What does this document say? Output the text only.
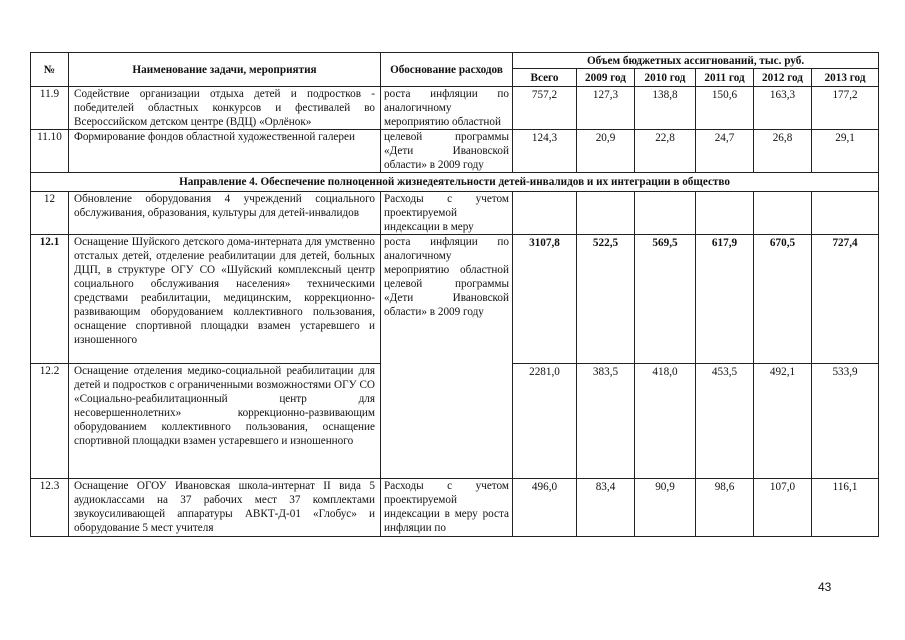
№	Наименование задачи, мероприятия	Обоснование расходов	Объем бюджетных ассигнований, тыс. руб.					
			Всего	2009 год	2010 год	2011 год	2012 год	2013 год
11.9	Содействие организации отдыха детей и подростков - победителей областных конкурсов и фестивалей во Всероссийском детском центре (ВДЦ) «Орлёнок»	роста инфляции по аналогичному мероприятию областной	757,2	127,3	138,8	150,6	163,3	177,2
11.10	Формирование фондов областной художественной галереи	целевой программы «Дети Ивановской области» в 2009 году	124,3	20,9	22,8	24,7	26,8	29,1
Направление 4. Обеспечение полноценной жизнедеятельности детей-инвалидов и их интеграции в общество								
12	Обновление оборудования 4 учреждений социального обслуживания, образования, культуры для детей-инвалидов	Расходы с учетом проектируемой индексации в меру						
12.1	Оснащение Шуйского детского дома-интерната для умственно отсталых детей, отделение реабилитации для детей, больных ДЦП, в структуре ОГУ СО «Шуйский комплексный центр социального обслуживания населения» техническими средствами реабилитации, медицинским, коррекционно-развивающим оборудованием коллективного пользования, оснащение спортивной площадки взамен устаревшего и изношенного	роста инфляции по аналогичному мероприятию областной целевой программы «Дети Ивановской области» в 2009 году	3107,8	522,5	569,5	617,9	670,5	727,4
12.2	Оснащение отделения медико-социальной реабилитации для детей и подростков с ограниченными возможностями ОГУ СО «Социально-реабилитационный центр для несовершеннолетних» коррекционно-развивающим оборудованием коллективного пользования, оснащение спортивной площадки взамен устаревшего и изношенного		2281,0	383,5	418,0	453,5	492,1	533,9
12.3	Оснащение ОГОУ Ивановская школа-интернат II вида 5 аудиоклассами на 37 рабочих мест 37 комплектами звукоусиливающей аппаратуры АВКТ-Д-01 «Глобус» и оборудование 5 мест учителя	Расходы с учетом проектируемой индексации в меру роста инфляции по	496,0	83,4	90,9	98,6	107,0	116,1
43
